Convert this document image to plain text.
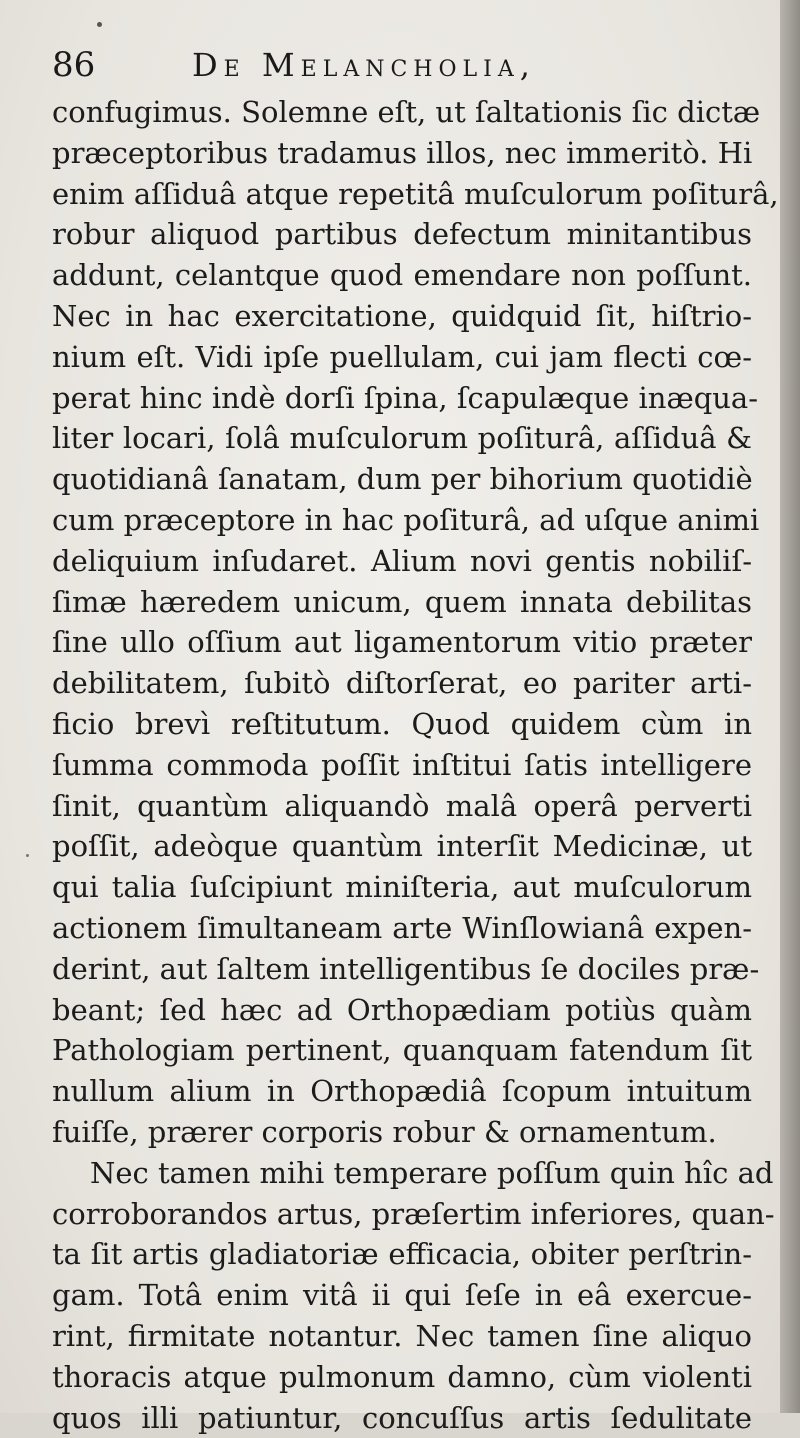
86	De Melancholia,
confugimus. Solemne eſt, ut ſaltationis ſic dictæ
præceptoribus tradamus illos, nec immeritò. Hi
enim aſſiduâ atque repetitâ muſculorum poſiturâ,
robur aliquod partibus defectum minitantibus
addunt, celantque quod emendare non poſſunt.
Nec in hac exercitatione, quidquid ſit, hiſtrio-
nium eſt. Vidi ipſe puellulam, cui jam flecti cœ-
perat hinc indè dorſi ſpina, ſcapulæque inæqua-
liter locari, ſolâ muſculorum poſiturâ, aſſiduâ &
quotidianâ ſanatam, dum per bihorium quotidiè
cum præceptore in hac poſiturâ, ad uſque animi
deliquium inſudaret. Alium novi gentis nobiliſ-
ſimæ hæredem unicum, quem innata debilitas
ſine ullo oſſium aut ligamentorum vitio præter
debilitatem, ſubitò diſtorſerat, eo pariter arti-
ficio brevì reſtitutum. Quod quidem cùm in
ſumma commoda poſſit inſtitui ſatis intelligere
ſinit, quantùm aliquandò malâ operâ perverti
poſſit, adeòque quantùm interſit Medicinæ, ut
qui talia ſuſcipiunt miniſteria, aut muſculorum
actionem ſimultaneam arte Winſlowianâ expen-
derint, aut ſaltem intelligentibus ſe dociles præ-
beant; ſed hæc ad Orthopædiam potiùs quàm
Pathologiam pertinent, quanquam fatendum ſit
nullum alium in Orthopædiâ ſcopum intuitum
fuiſſe, prærer corporis robur & ornamentum.
Nec tamen mihi temperare poſſum quin hîc ad
corroborandos artus, præſertim inferiores, quan-
ta ſit artis gladiatoriæ efficacia, obiter perſtrin-
gam. Totâ enim vitâ ii qui ſeſe in eâ exercue-
rint, firmitate notantur. Nec tamen ſine aliquo
thoracis atque pulmonum damno, cùm violenti
quos illi patiuntur, concuſſus artis ſedulitate
